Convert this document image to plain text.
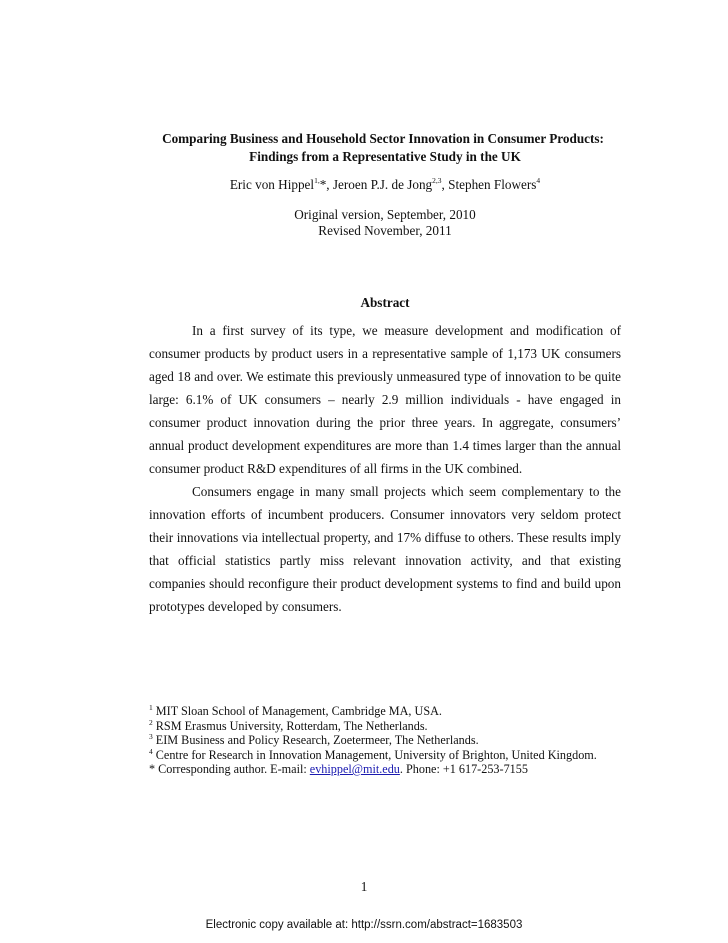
Comparing Business and Household Sector Innovation in Consumer Products:
Findings from a Representative Study in the UK
Eric von Hippel$^{1,}$*, Jeroen P.J. de Jong$^{2,3}$, Stephen Flowers$^4$
Original version, September, 2010
Revised November, 2011
Abstract

In a first survey of its type, we measure development and modification of consumer products by product users in a representative sample of 1,173 UK consumers aged 18 and over. We estimate this previously unmeasured type of innovation to be quite large: 6.1% of UK consumers – nearly 2.9 million individuals - have engaged in consumer product innovation during the prior three years. In aggregate, consumers’ annual product development expenditures are more than 1.4 times larger than the annual consumer product R&D expenditures of all firms in the UK combined.

Consumers engage in many small projects which seem complementary to the innovation efforts of incumbent producers. Consumer innovators very seldom protect their innovations via intellectual property, and 17% diffuse to others. These results imply that official statistics partly miss relevant innovation activity, and that existing companies should reconfigure their product development systems to find and build upon prototypes developed by consumers.

$^1$ MIT Sloan School of Management, Cambridge MA, USA.
$^2$ RSM Erasmus University, Rotterdam, The Netherlands.
$^3$ EIM Business and Policy Research, Zoetermeer, The Netherlands.
$^4$ Centre for Research in Innovation Management, University of Brighton, United Kingdom.
* Corresponding author. E-mail: evhippel@mit.edu. Phone: +1 617-253-7155
1
Electronic copy available at: http://ssrn.com/abstract=1683503
